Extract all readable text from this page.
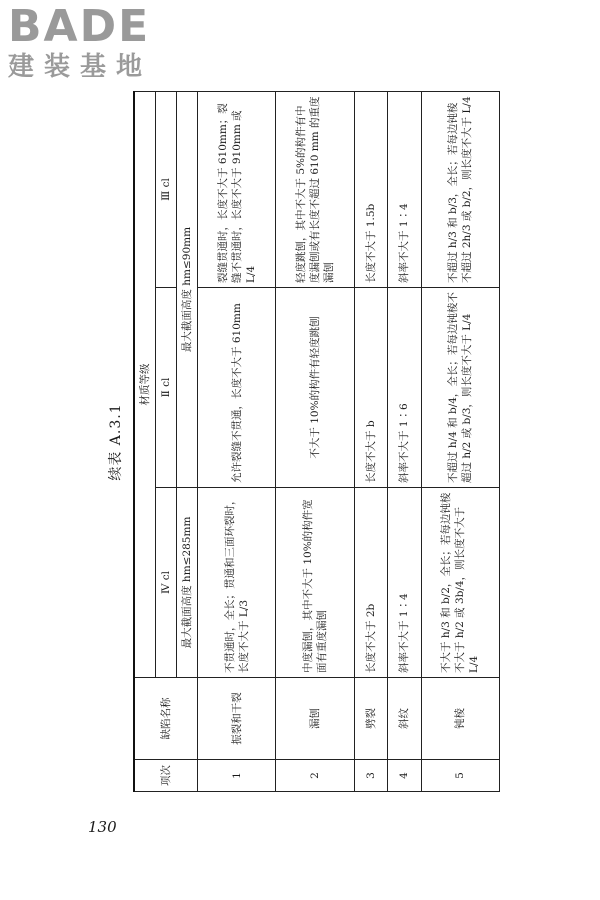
BADE
建装基地
续表 A.3.1
项次	缺陷名称	材质等级		
		Ⅳ cl	Ⅱ cl	Ⅲ cl
		最大截面高度 hm≤285mm	最大截面高度 hm≤90mm	
1	振裂和干裂	不贯通时，全长；贯通和三面环裂时，长度不大于 L/3	允许裂缝不贯通，长度不大于 610mm	裂缝贯通时，长度不大于 610mm；裂缝不贯通时，长度不大于 910mm 或 L/4
2	漏刨	中度漏刨，其中不大于 10%的构件宽面有重度漏刨	不大于 10%的构件有轻度跳刨	轻度跳刨，其中不大于 5%的构件有中度漏刨或有长度不超过 610 mm 的重度漏刨
3	劈裂	长度不大于 2b	长度不大于 b	长度不大于 1.5b
4	斜纹	斜率不大于 1∶4	斜率不大于 1∶6	斜率不大于 1∶4
5	钝棱	不大于 h/3 和 b/2，全长；若每边钝棱不大于 h/2 或 3b/4，则长度不大于 L/4	不超过 h/4 和 b/4，全长；若每边钝棱不超过 h/2 或 b/3，则长度不大于 L/4	不超过 h/3 和 b/3，全长；若每边钝棱不超过 2h/3 或 b/2，则长度不大于 L/4
130
